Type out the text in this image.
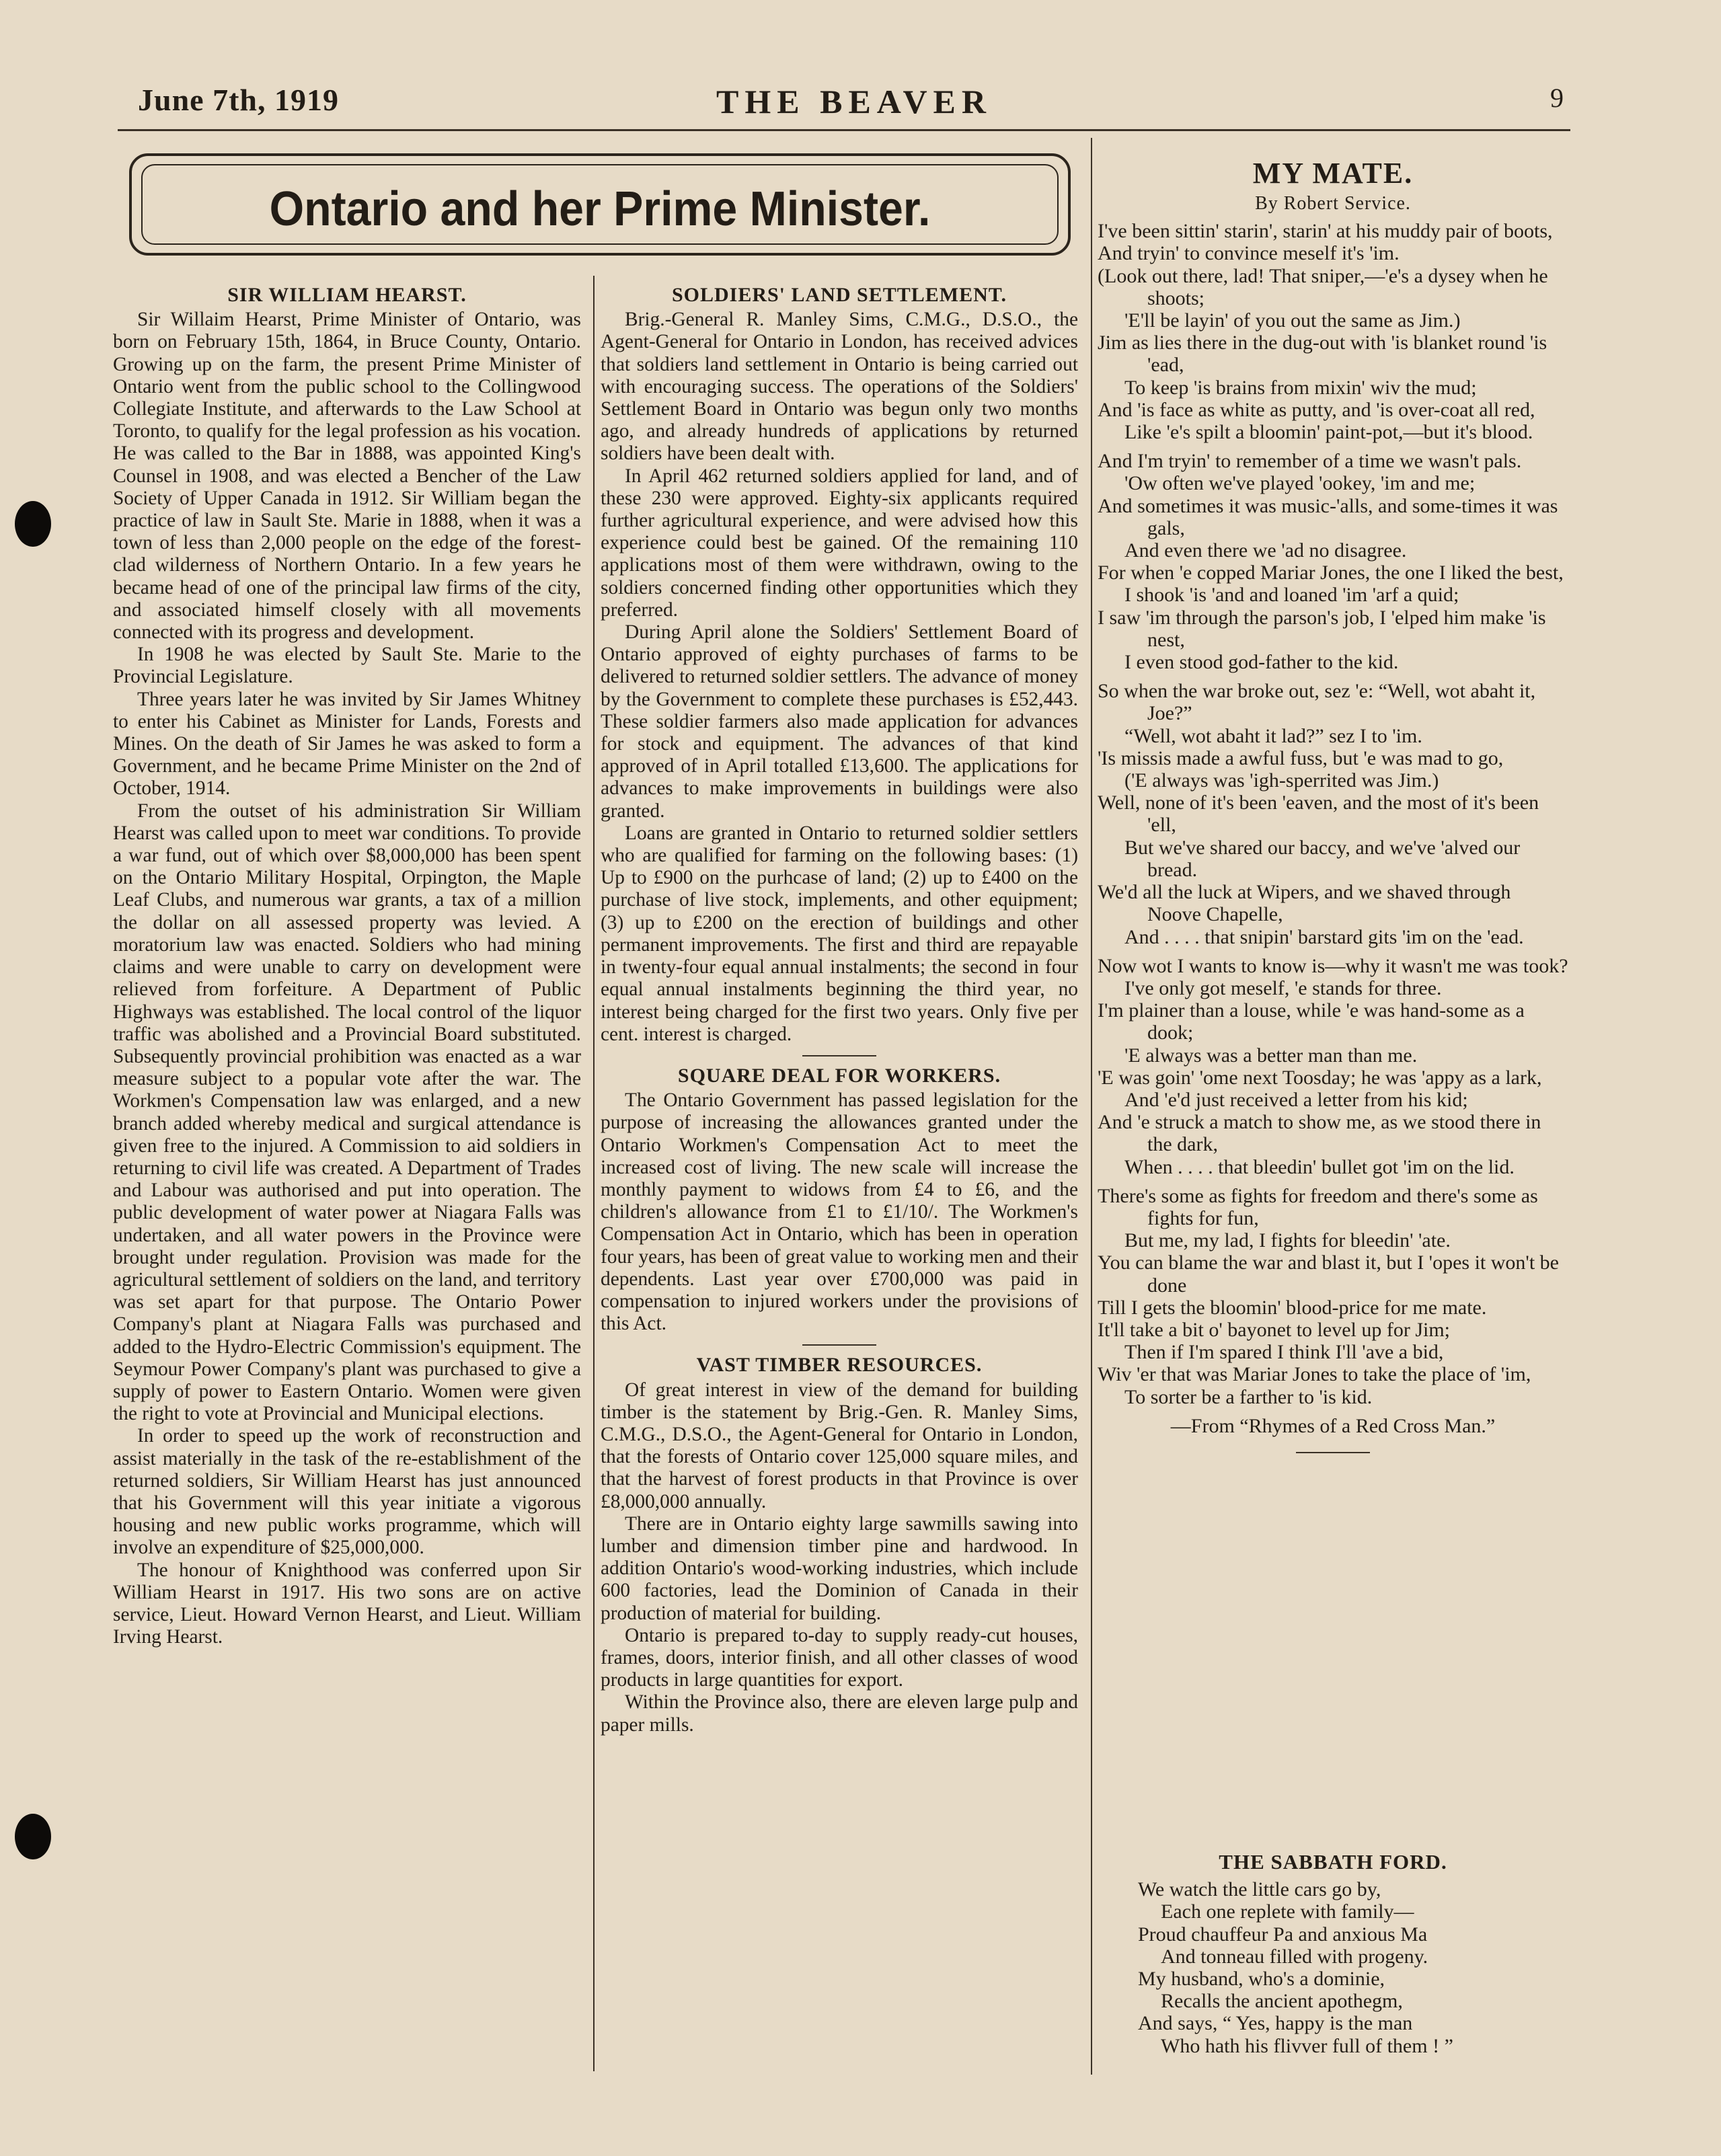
June 7th, 1919	THE BEAVER	9
Ontario and her Prime Minister.
SIR WILLIAM HEARST.

Sir Willaim Hearst, Prime Minister of Ontario, was born on February 15th, 1864, in Bruce County, Ontario. Growing up on the farm, the present Prime Minister of Ontario went from the public school to the Collingwood Collegiate Institute, and afterwards to the Law School at Toronto, to qualify for the legal profession as his vocation. He was called to the Bar in 1888, was appointed King's Counsel in 1908, and was elected a Bencher of the Law Society of Upper Canada in 1912. Sir William began the practice of law in Sault Ste. Marie in 1888, when it was a town of less than 2,000 people on the edge of the forest-clad wilderness of Northern Ontario. In a few years he became head of one of the principal law firms of the city, and associated himself closely with all movements connected with its progress and development.

In 1908 he was elected by Sault Ste. Marie to the Provincial Legislature.

Three years later he was invited by Sir James Whitney to enter his Cabinet as Minister for Lands, Forests and Mines. On the death of Sir James he was asked to form a Government, and he became Prime Minister on the 2nd of October, 1914.

From the outset of his administration Sir William Hearst was called upon to meet war conditions. To provide a war fund, out of which over $8,000,000 has been spent on the Ontario Military Hospital, Orpington, the Maple Leaf Clubs, and numerous war grants, a tax of a million the dollar on all assessed property was levied. A moratorium law was enacted. Soldiers who had mining claims and were unable to carry on development were relieved from forfeiture. A Department of Public Highways was established. The local control of the liquor traffic was abolished and a Provincial Board substituted. Subsequently provincial prohibition was enacted as a war measure subject to a popular vote after the war. The Workmen's Compensation law was enlarged, and a new branch added whereby medical and surgical attendance is given free to the injured. A Commission to aid soldiers in returning to civil life was created. A Department of Trades and Labour was authorised and put into operation. The public development of water power at Niagara Falls was undertaken, and all water powers in the Province were brought under regulation. Provision was made for the agricultural settlement of soldiers on the land, and territory was set apart for that purpose. The Ontario Power Company's plant at Niagara Falls was purchased and added to the Hydro-Electric Commission's equipment. The Seymour Power Company's plant was purchased to give a supply of power to Eastern Ontario. Women were given the right to vote at Provincial and Municipal elections.

In order to speed up the work of reconstruction and assist materially in the task of the re-establishment of the returned soldiers, Sir William Hearst has just announced that his Government will this year initiate a vigorous housing and new public works programme, which will involve an expenditure of $25,000,000.

The honour of Knighthood was conferred upon Sir William Hearst in 1917. His two sons are on active service, Lieut. Howard Vernon Hearst, and Lieut. William Irving Hearst.

SOLDIERS' LAND SETTLEMENT.

Brig.-General R. Manley Sims, C.M.G., D.S.O., the Agent-General for Ontario in London, has received advices that soldiers land settlement in Ontario is being carried out with encouraging success. The operations of the Soldiers' Settlement Board in Ontario was begun only two months ago, and already hundreds of applications by returned soldiers have been dealt with.

In April 462 returned soldiers applied for land, and of these 230 were approved. Eighty-six applicants required further agricultural experience, and were advised how this experience could best be gained. Of the remaining 110 applications most of them were withdrawn, owing to the soldiers concerned finding other opportunities which they preferred.

During April alone the Soldiers' Settlement Board of Ontario approved of eighty purchases of farms to be delivered to returned soldier settlers. The advance of money by the Government to complete these purchases is £52,443. These soldier farmers also made application for advances for stock and equipment. The advances of that kind approved of in April totalled £13,600. The applications for advances to make improvements in buildings were also granted.

Loans are granted in Ontario to returned soldier settlers who are qualified for farming on the following bases: (1) Up to £900 on the purhcase of land; (2) up to £400 on the purchase of live stock, implements, and other equipment; (3) up to £200 on the erection of buildings and other permanent improvements. The first and third are repayable in twenty-four equal annual instalments; the second in four equal annual instalments beginning the third year, no interest being charged for the first two years. Only five per cent. interest is charged.

SQUARE DEAL FOR WORKERS.

The Ontario Government has passed legislation for the purpose of increasing the allowances granted under the Ontario Workmen's Compensation Act to meet the increased cost of living. The new scale will increase the monthly payment to widows from £4 to £6, and the children's allowance from £1 to £1/10/. The Workmen's Compensation Act in Ontario, which has been in operation four years, has been of great value to working men and their dependents. Last year over £700,000 was paid in compensation to injured workers under the provisions of this Act.

VAST TIMBER RESOURCES.

Of great interest in view of the demand for building timber is the statement by Brig.-Gen. R. Manley Sims, C.M.G., D.S.O., the Agent-General for Ontario in London, that the forests of Ontario cover 125,000 square miles, and that the harvest of forest products in that Province is over £8,000,000 annually.

There are in Ontario eighty large sawmills sawing into lumber and dimension timber pine and hardwood. In addition Ontario's wood-working industries, which include 600 factories, lead the Dominion of Canada in their production of material for building.

Ontario is prepared to-day to supply ready-cut houses, frames, doors, interior finish, and all other classes of wood products in large quantities for export.

Within the Province also, there are eleven large pulp and paper mills.

MY MATE.
By Robert Service.
I've been sittin' starin', starin' at his muddy pair of boots,
And tryin' to convince meself it's 'im.
(Look out there, lad! That sniper,—'e's a dysey when he shoots;
'E'll be layin' of you out the same as Jim.)
Jim as lies there in the dug-out with 'is blanket round 'is 'ead,
To keep 'is brains from mixin' wiv the mud;
And 'is face as white as putty, and 'is over-coat all red,
Like 'e's spilt a bloomin' paint-pot,—but it's blood.
And I'm tryin' to remember of a time we wasn't pals.
'Ow often we've played 'ookey, 'im and me;
And sometimes it was music-'alls, and some-times it was gals,
And even there we 'ad no disagree.
For when 'e copped Mariar Jones, the one I liked the best,
I shook 'is 'and and loaned 'im 'arf a quid;
I saw 'im through the parson's job, I 'elped him make 'is nest,
I even stood god-father to the kid.
So when the war broke out, sez 'e: “Well, wot abaht it, Joe?”
“Well, wot abaht it lad?” sez I to 'im.
'Is missis made a awful fuss, but 'e was mad to go,
('E always was 'igh-sperrited was Jim.)
Well, none of it's been 'eaven, and the most of it's been 'ell,
But we've shared our baccy, and we've 'alved our bread.
We'd all the luck at Wipers, and we shaved through Noove Chapelle,
And . . . . that snipin' barstard gits 'im on the 'ead.
Now wot I wants to know is—why it wasn't me was took?
I've only got meself, 'e stands for three.
I'm plainer than a louse, while 'e was hand-some as a dook;
'E always was a better man than me.
'E was goin' 'ome next Toosday; he was 'appy as a lark,
And 'e'd just received a letter from his kid;
And 'e struck a match to show me, as we stood there in the dark,
When . . . . that bleedin' bullet got 'im on the lid.
There's some as fights for freedom and there's some as fights for fun,
But me, my lad, I fights for bleedin' 'ate.
You can blame the war and blast it, but I 'opes it won't be done
Till I gets the bloomin' blood-price for me mate.
It'll take a bit o' bayonet to level up for Jim;
Then if I'm spared I think I'll 'ave a bid,
Wiv 'er that was Mariar Jones to take the place of 'im,
To sorter be a farther to 'is kid.
—From “Rhymes of a Red Cross Man.”
THE SABBATH FORD.
We watch the little cars go by,
Each one replete with family—
Proud chauffeur Pa and anxious Ma
And tonneau filled with progeny.
My husband, who's a dominie,
Recalls the ancient apothegm,
And says, “ Yes, happy is the man
Who hath his flivver full of them ! ”
